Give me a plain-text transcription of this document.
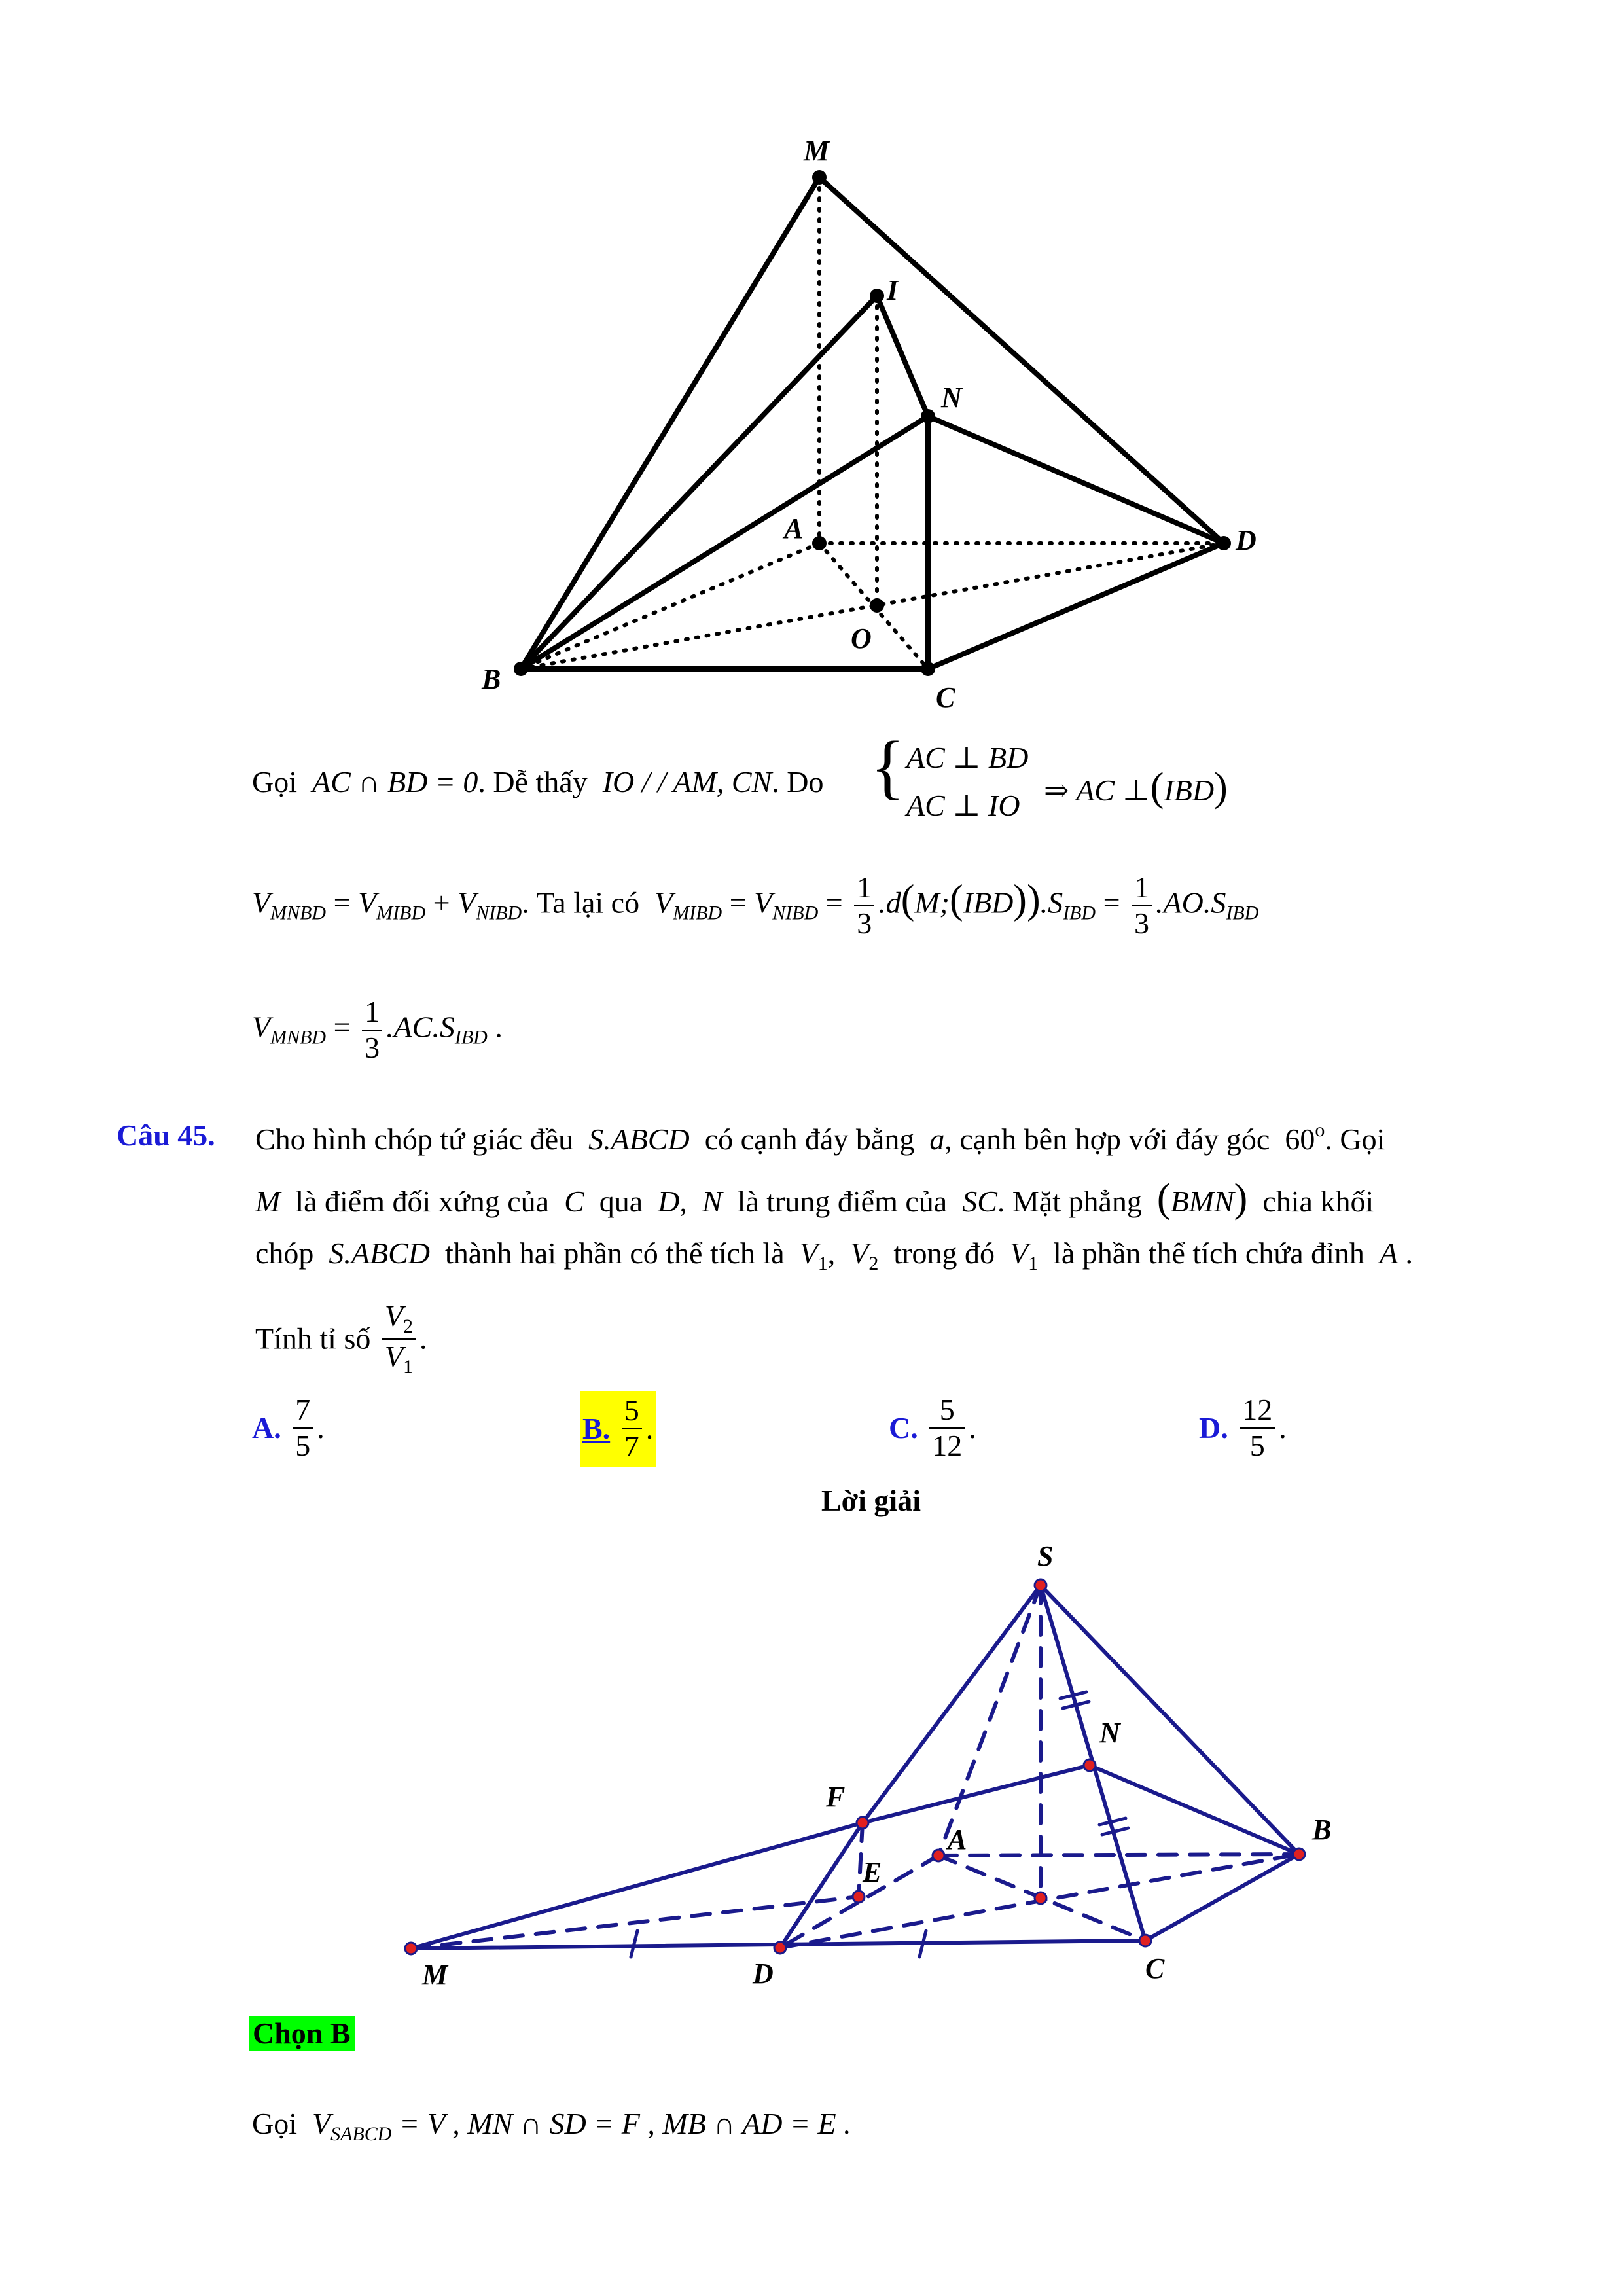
M
I
N
A	D
O
B
C
Gọi AC ∩ BD = 0. Dễ thấy IO / / AM, CN. Do { AC ⊥ BD
AC ⊥ IO ⇒ AC ⊥(IBD)
$V_{MNBD} = V_{MIBD} + V_{NIBD}$. Ta lại có $V_{MIBD} = V_{NIBD} = \frac{1}{3}$ $.d(M;(IBD)).S_{IBD} = \frac{1}{3} .AO.S_{IBD}$
$V_{MNBD} = \frac{1}{3} .AC.S_{IBD}$ .
Câu 45. Cho hình chóp tứ giác đều S.ABCD có cạnh đáy bằng a, cạnh bên hợp với đáy góc 60$^o$. Gọi
M là điểm đối xứng của C qua D,  N là trung điểm của SC. Mặt phẳng (BMN) chia khối
chóp S.ABCD thành hai phần có thể tích là $V_1$,  $V_2$ trong đó $V_1$ là phần thể tích chứa đỉnh A .
Tính tỉ số $\frac{V_2}{V_1}$ .
A. $\frac{7}{5}$ .	B. $\frac{5}{7}$ .	C. $\frac{5}{12}$ .	D. $\frac{12}{5}$ .
Lời giải
S
N
F
A	B
E
M	D	C
Chọn B
Gọi $V_{SABCD} = V$ , MN ∩ SD = F , MB ∩ AD = E .
